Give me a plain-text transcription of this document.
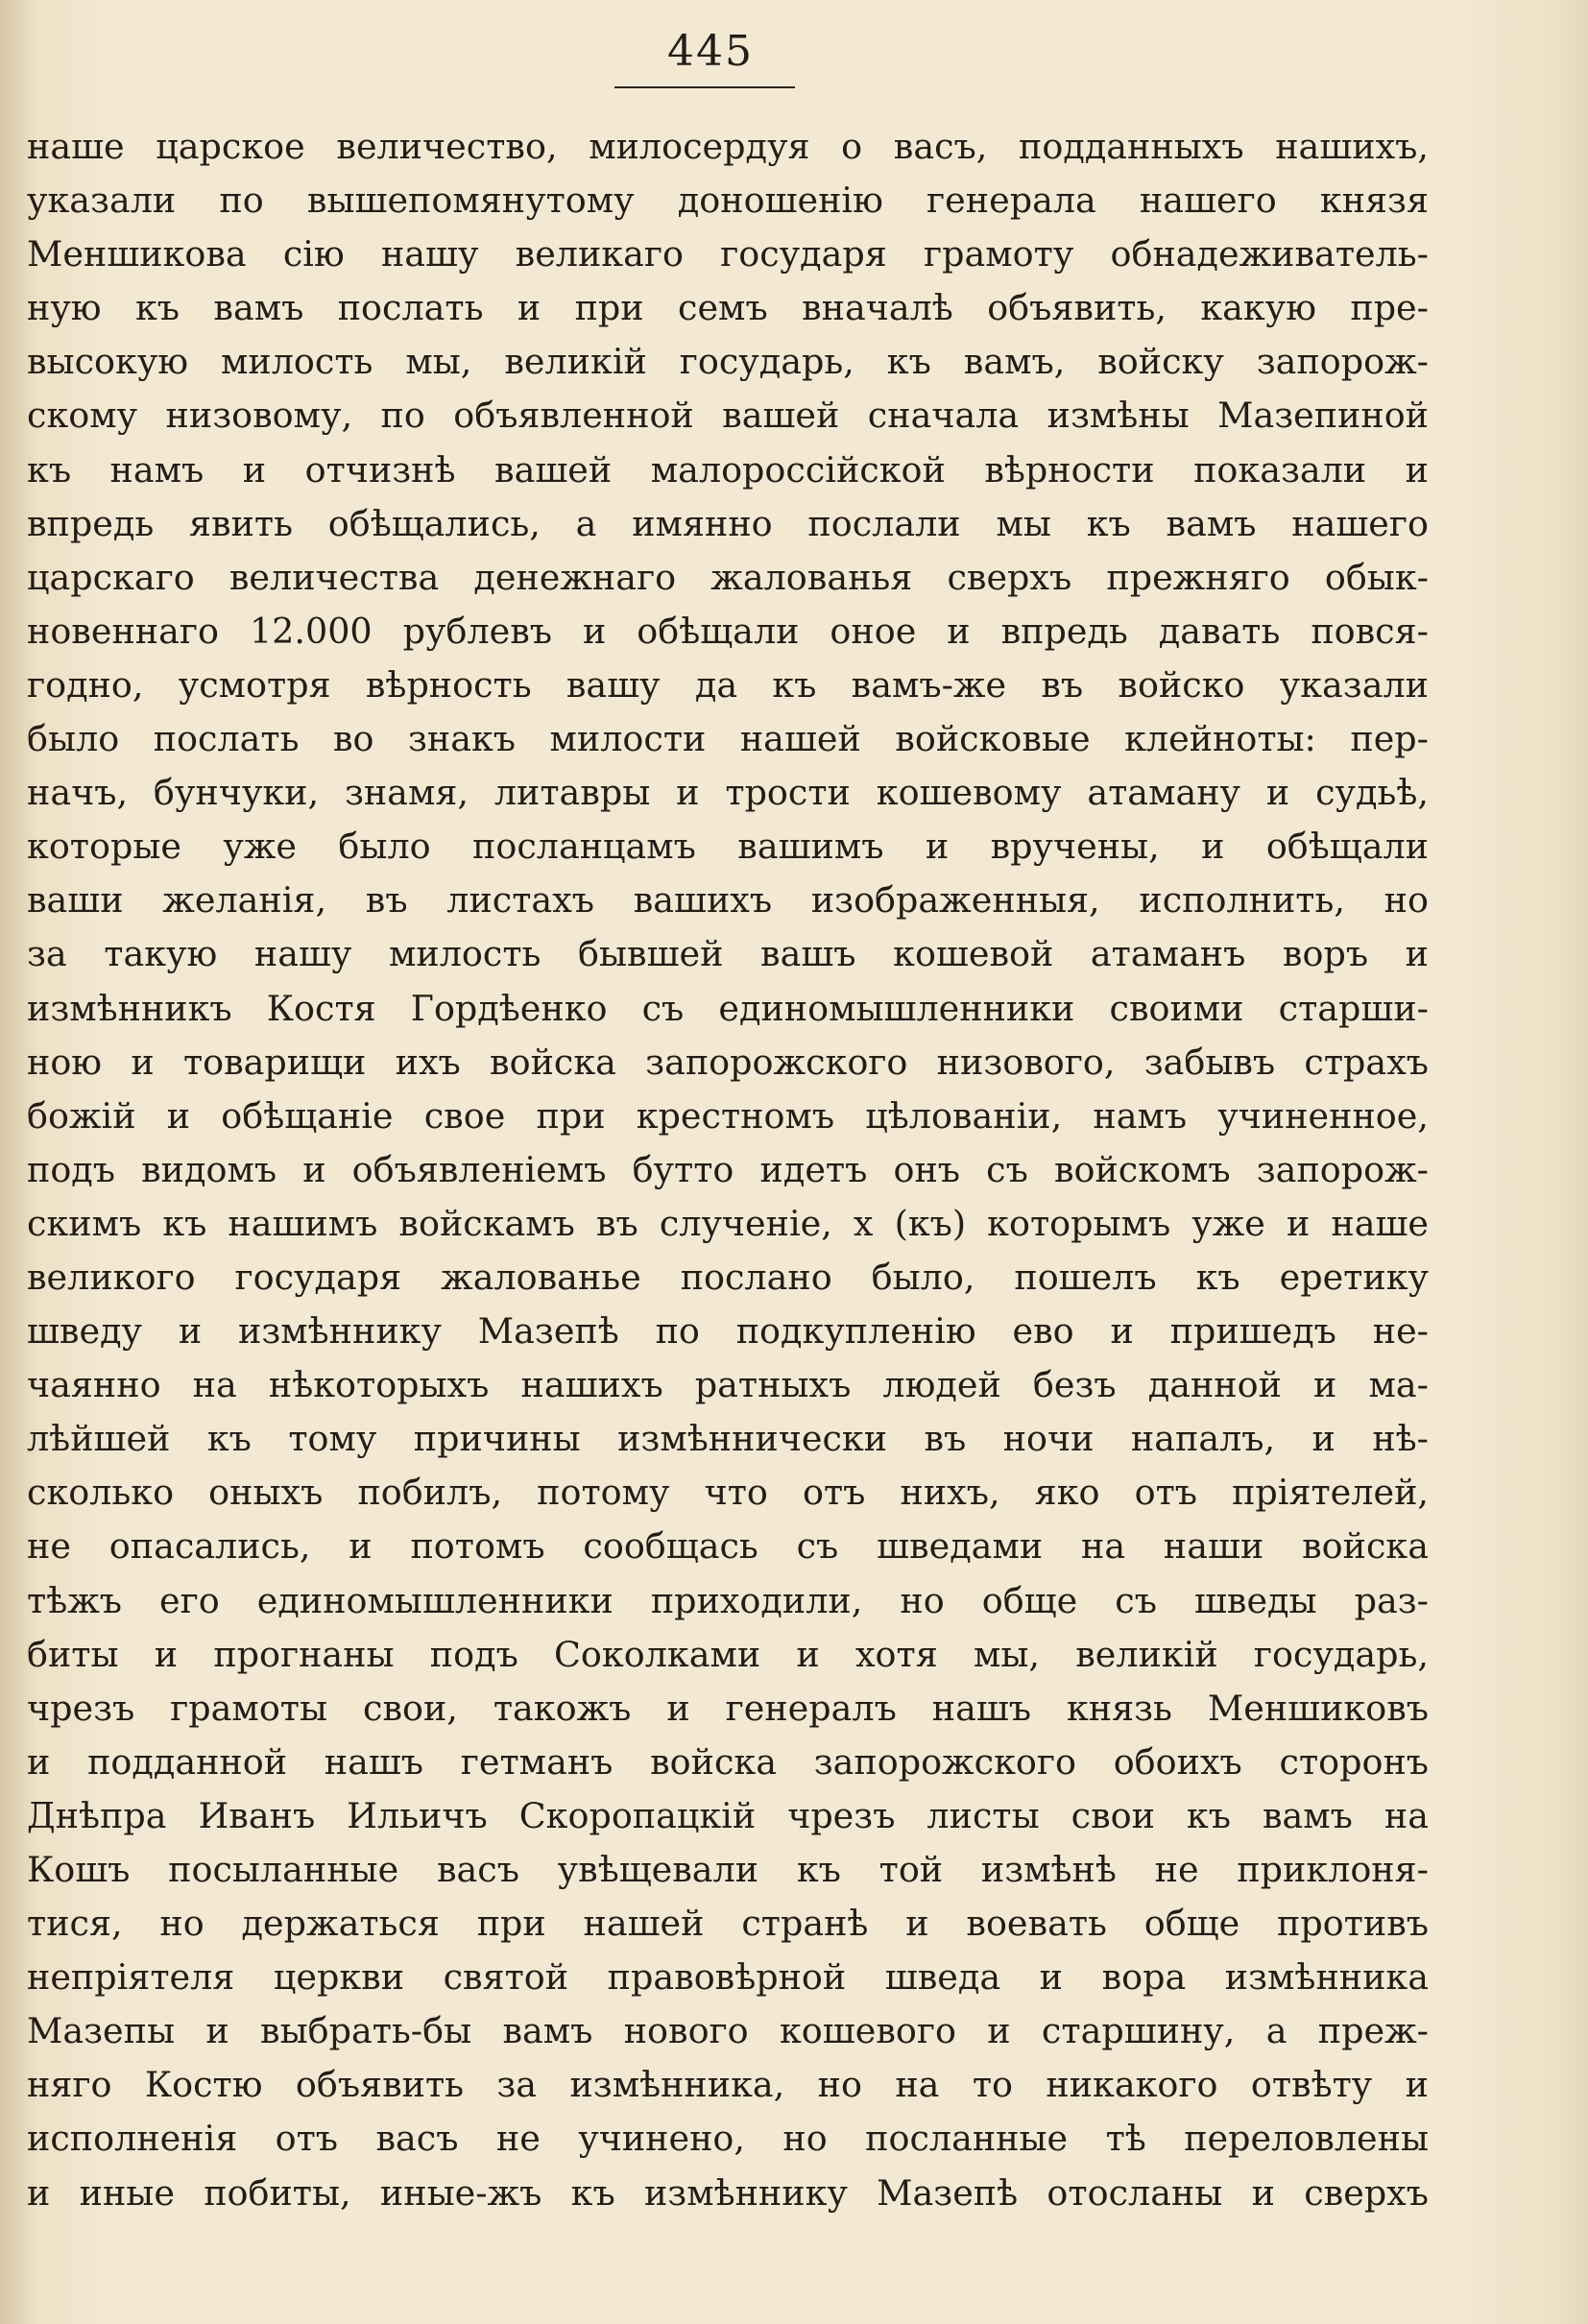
445
наше царское величество, милосердуя о васъ, подданныхъ нашихъ,
указали по вышепомянутому доношенію генерала нашего князя
Меншикова сію нашу великаго государя грамоту обнадеживатель-
ную къ вамъ послать и при семъ вначалѣ объявить, какую пре-
высокую милость мы, великій государь, къ вамъ, войску запорож-
скому низовому, по объявленной вашей сначала измѣны Мазепиной
къ намъ и отчизнѣ вашей малороссійской вѣрности показали и
впредь явить обѣщались, а имянно послали мы къ вамъ нашего
царскаго величества денежнаго жалованья сверхъ прежняго обык-
новеннаго 12.000 рублевъ и обѣщали оное и впредь давать повся-
годно, усмотря вѣрность вашу да къ вамъ-же въ войско указали
было послать во знакъ милости нашей войсковые клейноты: пер-
начъ, бунчуки, знамя, литавры и трости кошевому атаману и судьѣ,
которые уже было посланцамъ вашимъ и вручены, и обѣщали
ваши желанія, въ листахъ вашихъ изображенныя, исполнить, но
за такую нашу милость бывшей вашъ кошевой атаманъ воръ и
измѣнникъ Костя Гордѣенко съ единомышленники своими старши-
ною и товарищи ихъ войска запорожского низового, забывъ страхъ
божій и обѣщаніе свое при крестномъ цѣлованіи, намъ учиненное,
подъ видомъ и объявленіемъ бутто идетъ онъ съ войскомъ запорож-
скимъ къ нашимъ войскамъ въ слученіе, х (къ) которымъ уже и наше
великого государя жалованье послано было, пошелъ къ еретику
шведу и измѣннику Мазепѣ по подкупленію ево и пришедъ не-
чаянно на нѣкоторыхъ нашихъ ратныхъ людей безъ данной и ма-
лѣйшей къ тому причины измѣннически въ ночи напалъ, и нѣ-
сколько оныхъ побилъ, потому что отъ нихъ, яко отъ пріятелей,
не опасались, и потомъ сообщась съ шведами на наши войска
тѣжъ его единомышленники приходили, но обще съ шведы раз-
биты и прогнаны подъ Соколками и хотя мы, великій государь,
чрезъ грамоты свои, такожъ и генералъ нашъ князь Меншиковъ
и подданной нашъ гетманъ войска запорожского обоихъ сторонъ
Днѣпра Иванъ Ильичъ Скоропацкій чрезъ листы свои къ вамъ на
Кошъ посыланные васъ увѣщевали къ той измѣнѣ не приклоня-
тися, но держаться при нашей странѣ и воевать обще противъ
непріятеля церкви святой правовѣрной шведа и вора измѣнника
Мазепы и выбрать-бы вамъ нового кошевого и старшину, а преж-
няго Костю объявить за измѣнника, но на то никакого отвѣту и
исполненія отъ васъ не учинено, но посланные тѣ переловлены
и иные побиты, иные-жъ къ измѣннику Мазепѣ отосланы и сверхъ
